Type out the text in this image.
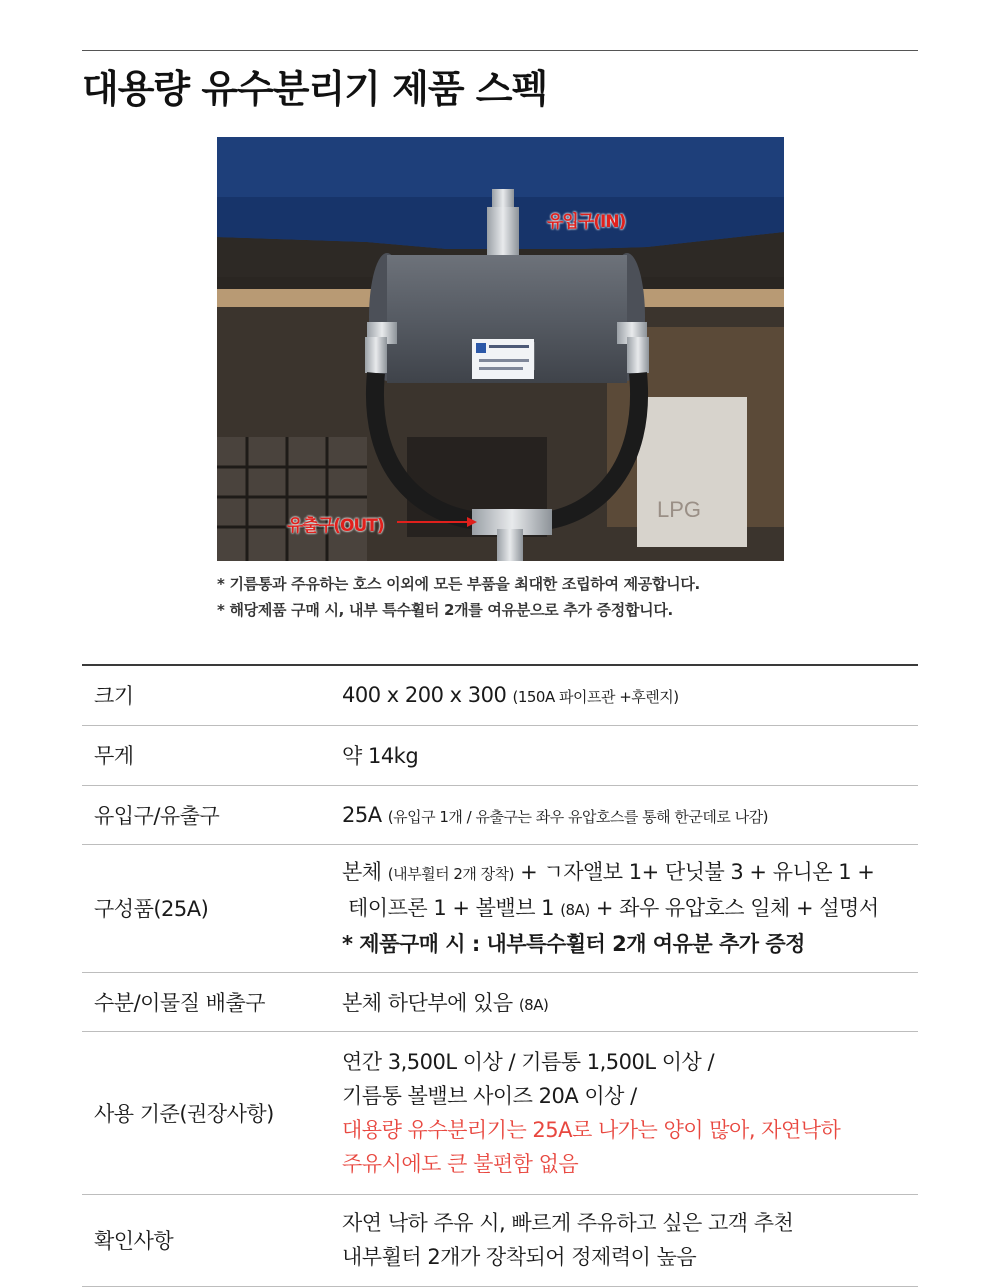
대용량 유수분리기 제품 스펙
LPG
유입구(IN)
유출구(OUT)
* 기름통과 주유하는 호스 이외에 모든 부품을 최대한 조립하여 제공합니다.
* 해당제품 구매 시, 내부 특수휠터 2개를 여유분으로 추가 증정합니다.
크기	400 x 200 x 300 (150A 파이프관 +후렌지)
무게	약 14kg
유입구/유출구	25A (유입구 1개 / 유출구는 좌우 유압호스를 통해 한군데로 나감)
구성품(25A)	본체 (내부휠터 2개 장착) + ㄱ자앨보 1+ 단닛불 3 + 유니온 1 +
테이프론 1 + 볼밸브 1 (8A) + 좌우 유압호스 일체 + 설명서
* 제품구매 시 : 내부특수휠터 2개 여유분 추가 증정

수분/이물질 배출구	본체 하단부에 있음 (8A)
사용 기준(권장사항)	연간 3,500L 이상 / 기름통 1,500L 이상 /
기름통 볼밸브 사이즈 20A 이상 /
대용량 유수분리기는 25A로 나가는 양이 많아, 자연낙하
주유시에도 큰 불편함 없음

확인사항	자연 낙하 주유 시, 빠르게 주유하고 싶은 고객 추천
내부휠터 2개가 장착되어 정제력이 높음
